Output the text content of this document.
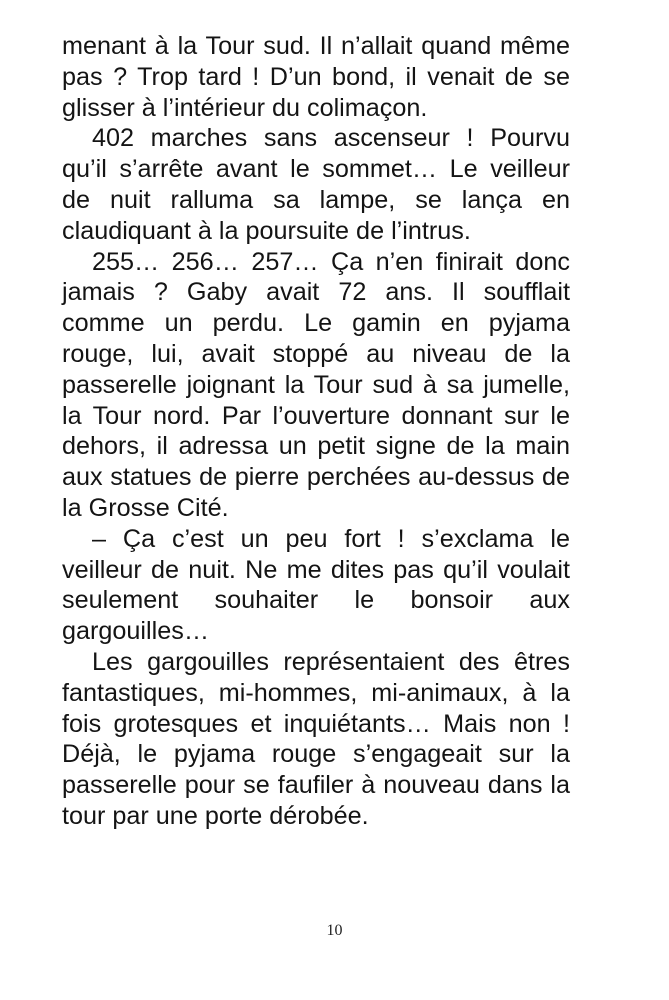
menant à la Tour sud. Il n’allait quand même pas ? Trop tard ! D’un bond, il venait de se glisser à l’intérieur du colimaçon.

402 marches sans ascenseur ! Pourvu qu’il s’arrête avant le sommet… Le veilleur de nuit ralluma sa lampe, se lança en claudiquant à la poursuite de l’intrus.

255… 256… 257… Ça n’en finirait donc jamais ? Gaby avait 72 ans. Il soufflait comme un perdu. Le gamin en pyjama rouge, lui, avait stoppé au niveau de la passerelle joignant la Tour sud à sa jumelle, la Tour nord. Par l’ouverture donnant sur le dehors, il adressa un petit signe de la main aux statues de pierre perchées au-dessus de la Grosse Cité.

– Ça c’est un peu fort ! s’exclama le veilleur de nuit. Ne me dites pas qu’il voulait seulement souhaiter le bonsoir aux gargouilles…

Les gargouilles représentaient des êtres fantastiques, mi-hommes, mi-animaux, à la fois grotesques et inquiétants… Mais non ! Déjà, le pyjama rouge s’engageait sur la passerelle pour se faufiler à nouveau dans la tour par une porte dérobée.

10
